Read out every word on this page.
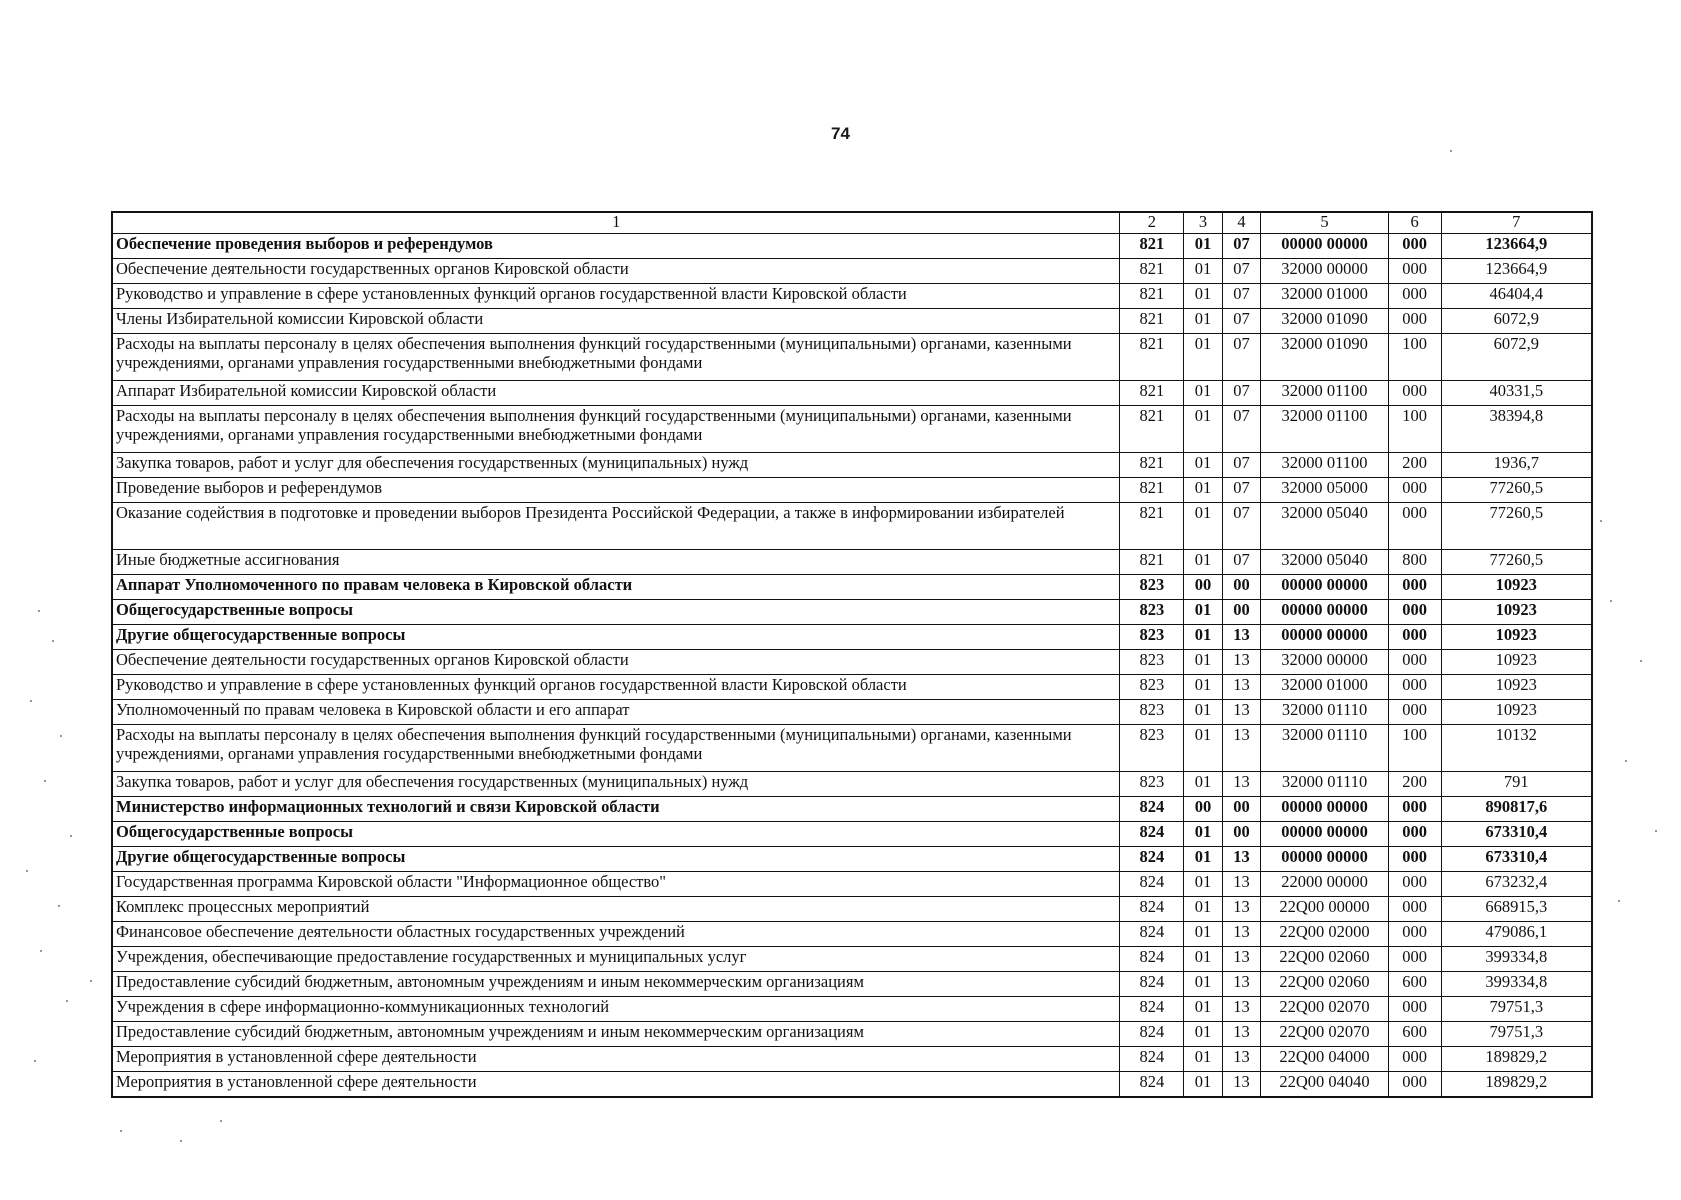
74
1	2	3	4	5	6	7
Обеспечение проведения выборов и референдумов	821	01	07	00000 00000	000	123664,9
Обеспечение деятельности государственных органов Кировской области	821	01	07	32000 00000	000	123664,9
Руководство и управление в сфере установленных функций органов государственной власти Кировской области	821	01	07	32000 01000	000	46404,4
Члены Избирательной комиссии Кировской области	821	01	07	32000 01090	000	6072,9
Расходы на выплаты персоналу в целях обеспечения выполнения функций государственными (муниципальными) органами, казенными учреждениями, органами управления государственными внебюджетными фондами	821	01	07	32000 01090	100	6072,9
Аппарат Избирательной комиссии Кировской области	821	01	07	32000 01100	000	40331,5
Расходы на выплаты персоналу в целях обеспечения выполнения функций государственными (муниципальными) органами, казенными учреждениями, органами управления государственными внебюджетными фондами	821	01	07	32000 01100	100	38394,8
Закупка товаров, работ и услуг для обеспечения государственных (муниципальных) нужд	821	01	07	32000 01100	200	1936,7
Проведение выборов и референдумов	821	01	07	32000 05000	000	77260,5
Оказание содействия в подготовке и проведении выборов Президента Российской Федерации, а также в информировании избирателей	821	01	07	32000 05040	000	77260,5
Иные бюджетные ассигнования	821	01	07	32000 05040	800	77260,5
Аппарат Уполномоченного по правам человека в Кировской области	823	00	00	00000 00000	000	10923
Общегосударственные вопросы	823	01	00	00000 00000	000	10923
Другие общегосударственные вопросы	823	01	13	00000 00000	000	10923
Обеспечение деятельности государственных органов Кировской области	823	01	13	32000 00000	000	10923
Руководство и управление в сфере установленных функций органов государственной власти Кировской области	823	01	13	32000 01000	000	10923
Уполномоченный по правам человека в Кировской области и его аппарат	823	01	13	32000 01110	000	10923
Расходы на выплаты персоналу в целях обеспечения выполнения функций государственными (муниципальными) органами, казенными учреждениями, органами управления государственными внебюджетными фондами	823	01	13	32000 01110	100	10132
Закупка товаров, работ и услуг для обеспечения государственных (муниципальных) нужд	823	01	13	32000 01110	200	791
Министерство информационных технологий и связи Кировской области	824	00	00	00000 00000	000	890817,6
Общегосударственные вопросы	824	01	00	00000 00000	000	673310,4
Другие общегосударственные вопросы	824	01	13	00000 00000	000	673310,4
Государственная программа Кировской области "Информационное общество"	824	01	13	22000 00000	000	673232,4
Комплекс процессных мероприятий	824	01	13	22Q00 00000	000	668915,3
Финансовое обеспечение деятельности областных государственных учреждений	824	01	13	22Q00 02000	000	479086,1
Учреждения, обеспечивающие предоставление государственных и муниципальных услуг	824	01	13	22Q00 02060	000	399334,8
Предоставление субсидий бюджетным, автономным учреждениям и иным некоммерческим организациям	824	01	13	22Q00 02060	600	399334,8
Учреждения в сфере информационно-коммуникационных технологий	824	01	13	22Q00 02070	000	79751,3
Предоставление субсидий бюджетным, автономным учреждениям и иным некоммерческим организациям	824	01	13	22Q00 02070	600	79751,3
Мероприятия в установленной сфере деятельности	824	01	13	22Q00 04000	000	189829,2
Мероприятия в установленной сфере деятельности	824	01	13	22Q00 04040	000	189829,2
